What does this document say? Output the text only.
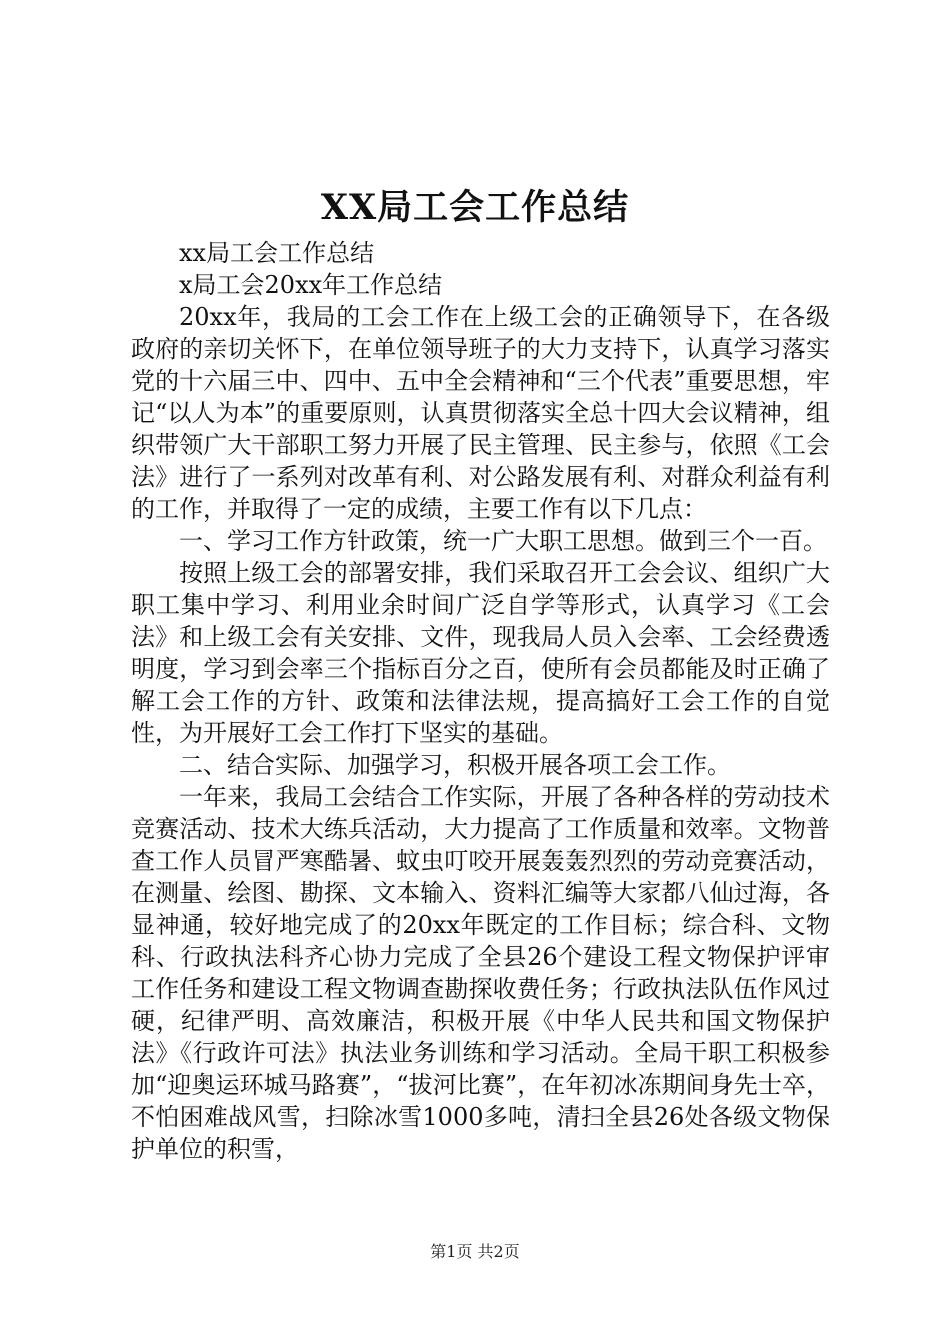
XX局工会工作总结

xx局工会工作总结

x局工会20xx年工作总结

20xx年，我局的工会工作在上级工会的正确领导下，在各级政府的亲切关怀下，在单位领导班子的大力支持下，认真学习落实党的十六届三中、四中、五中全会精神和“三个代表”重要思想，牢记“以人为本”的重要原则，认真贯彻落实全总十四大会议精神，组织带领广大干部职工努力开展了民主管理、民主参与，依照《工会法》进行了一系列对改革有利、对公路发展有利、对群众利益有利的工作，并取得了一定的成绩，主要工作有以下几点：

一、学习工作方针政策，统一广大职工思想。做到三个一百。

按照上级工会的部署安排，我们采取召开工会会议、组织广大职工集中学习、利用业余时间广泛自学等形式，认真学习《工会法》和上级工会有关安排、文件，现我局人员入会率、工会经费透明度，学习到会率三个指标百分之百，使所有会员都能及时正确了解工会工作的方针、政策和法律法规，提高搞好工会工作的自觉性，为开展好工会工作打下坚实的基础。

二、结合实际、加强学习，积极开展各项工会工作。

一年来，我局工会结合工作实际，开展了各种各样的劳动技术竞赛活动、技术大练兵活动，大力提高了工作质量和效率。文物普查工作人员冒严寒酷暑、蚊虫叮咬开展轰轰烈烈的劳动竞赛活动，在测量、绘图、勘探、文本输入、资料汇编等大家都八仙过海，各显神通，较好地完成了的20xx年既定的工作目标；综合科、文物科、行政执法科齐心协力完成了全县26个建设工程文物保护评审工作任务和建设工程文物调查勘探收费任务；行政执法队伍作风过硬，纪律严明、高效廉洁，积极开展《中华人民共和国文物保护法》《行政许可法》执法业务训练和学习活动。全局干职工积极参加“迎奥运环城马路赛”，“拔河比赛”，在年初冰冻期间身先士卒，不怕困难战风雪，扫除冰雪1000多吨，清扫全县26处各级文物保护单位的积雪，

第1页 共2页
